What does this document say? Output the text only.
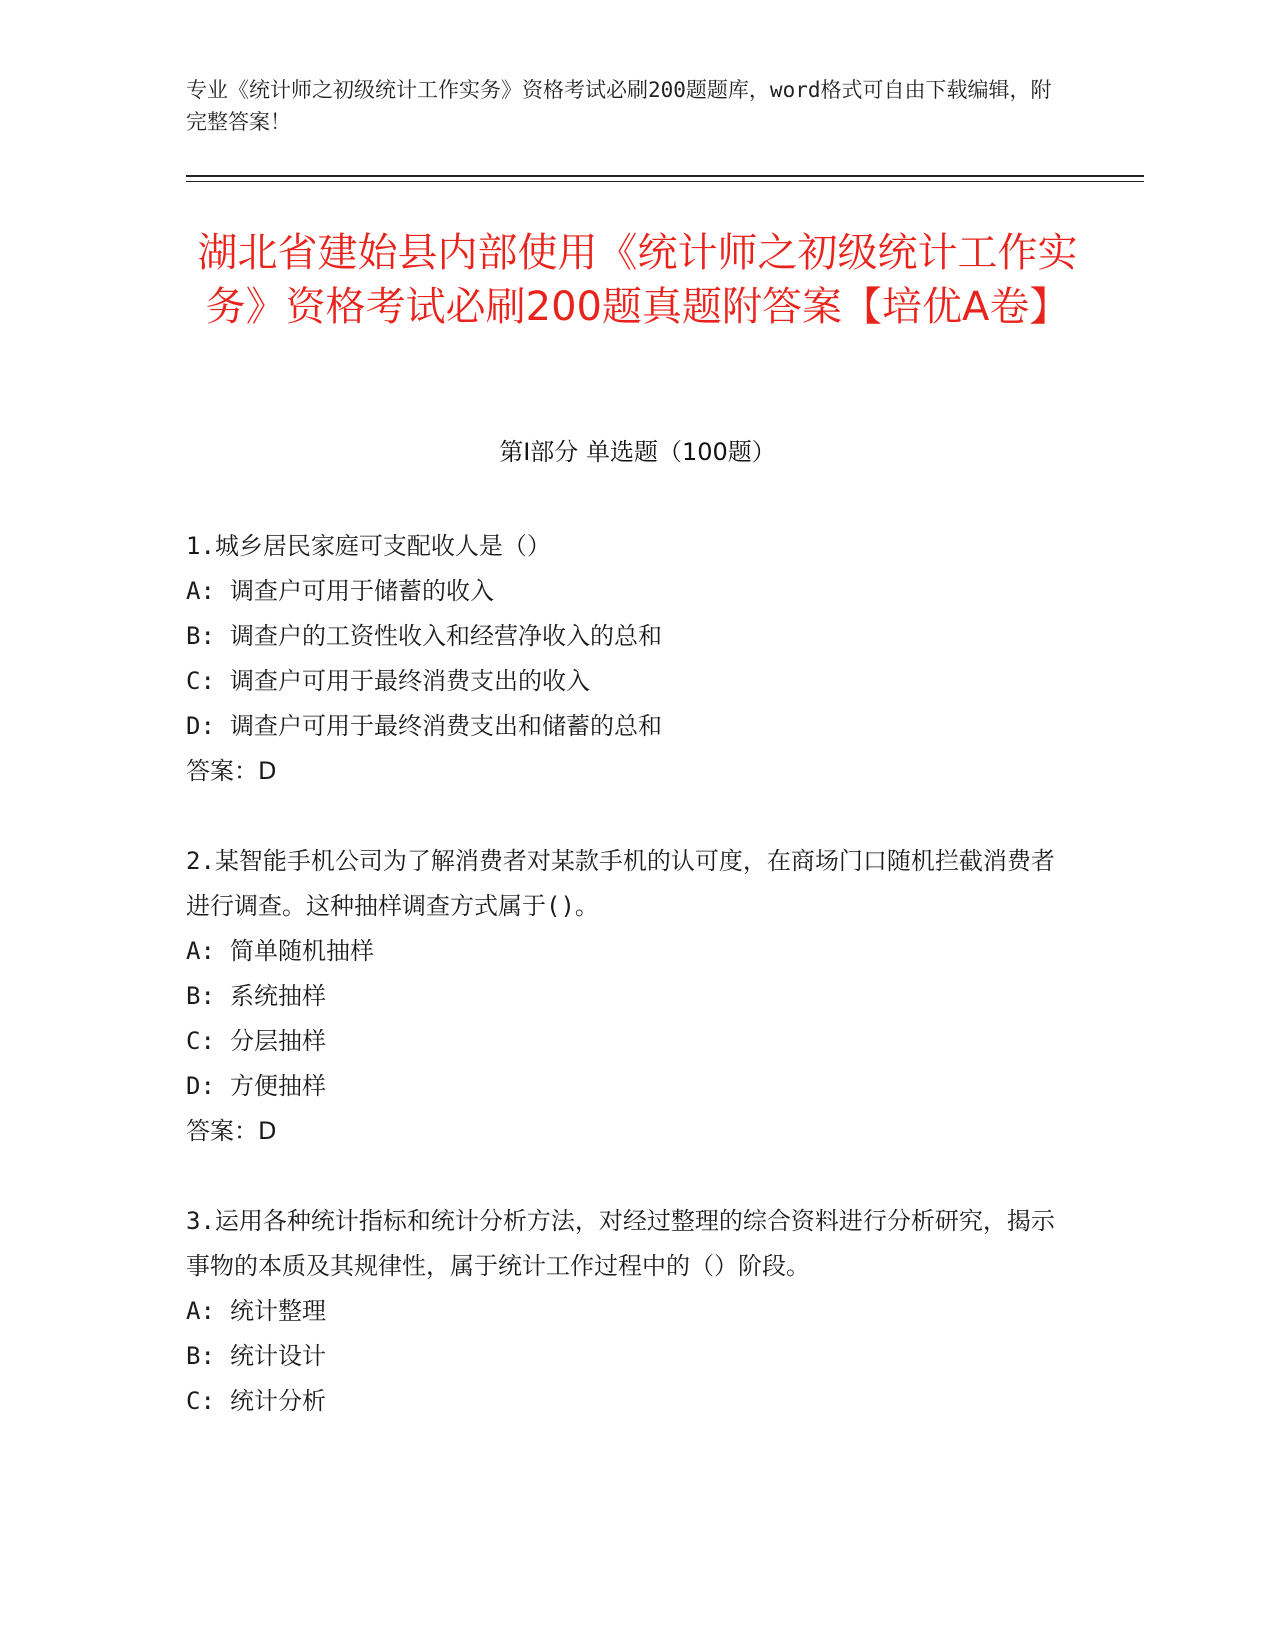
专业《统计师之初级统计工作实务》资格考试必刷200题题库，word格式可自由下载编辑，附完整答案！
湖北省建始县内部使用《统计师之初级统计工作实务》资格考试必刷200题真题附答案【培优A卷】
第I部分 单选题（100题）
1.城乡居民家庭可支配收人是（）
A: 调查户可用于储蓄的收入
B: 调查户的工资性收入和经营净收入的总和
C: 调查户可用于最终消费支出的收入
D: 调查户可用于最终消费支出和储蓄的总和
答案：D
2.某智能手机公司为了解消费者对某款手机的认可度，在商场门口随机拦截消费者进行调查。这种抽样调查方式属于()。
A: 简单随机抽样
B: 系统抽样
C: 分层抽样
D: 方便抽样
答案：D
3.运用各种统计指标和统计分析方法，对经过整理的综合资料进行分析研究，揭示事物的本质及其规律性，属于统计工作过程中的（）阶段。
A: 统计整理
B: 统计设计
C: 统计分析
